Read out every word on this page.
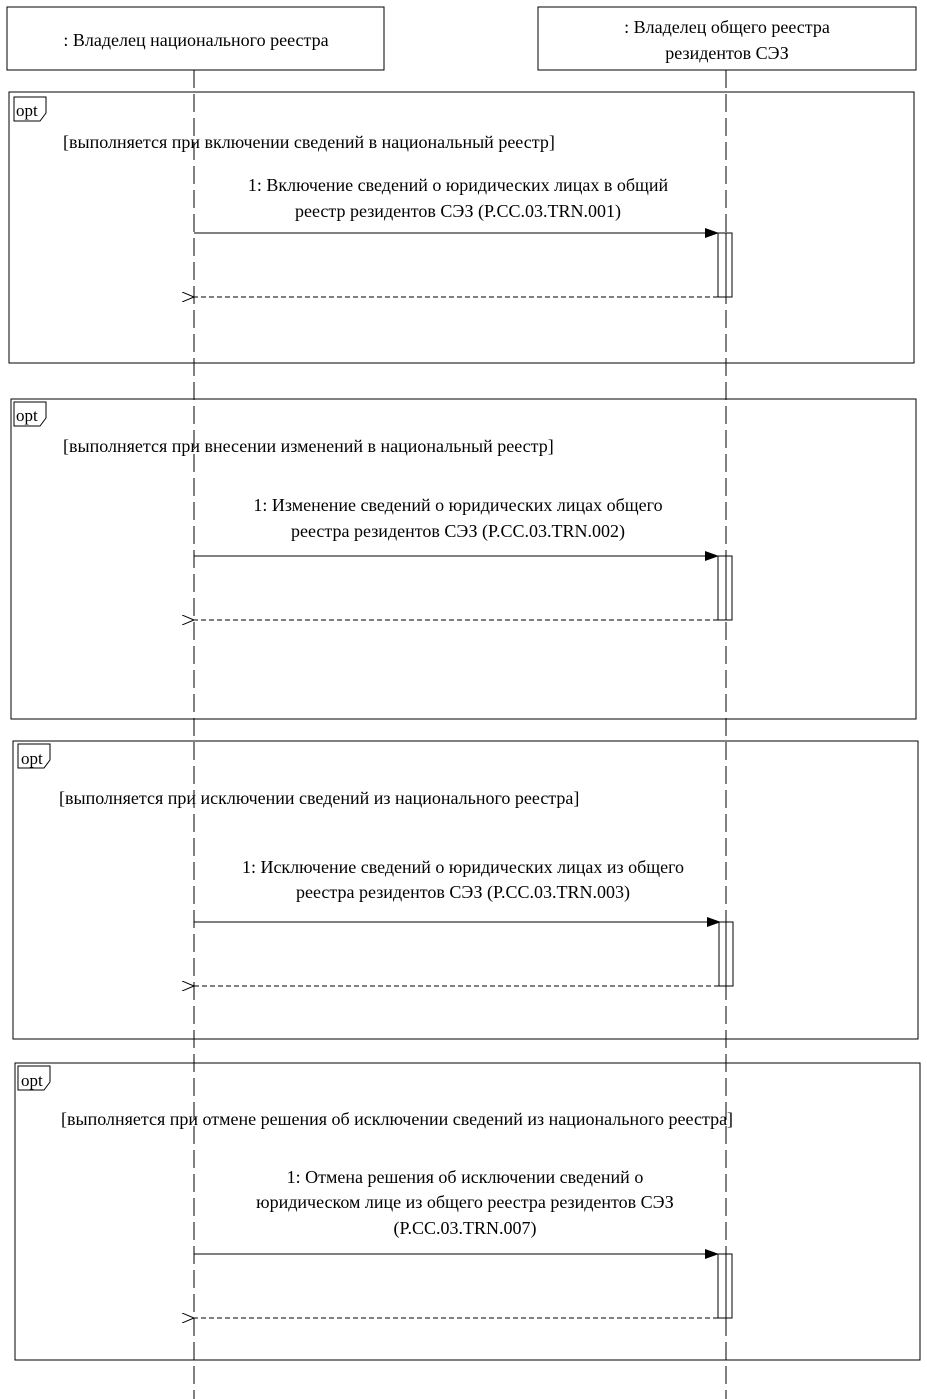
: Владелец национального реестра
: Владелец общего реестра
резидентов СЭЗ
opt
[выполняется при включении сведений в национальный реестр]
1: Включение сведений о юридических лицах в общий
реестр резидентов СЭЗ (P.CC.03.TRN.001)
opt
[выполняется при внесении изменений в национальный реестр]
1: Изменение сведений о юридических лицах общего
реестра резидентов СЭЗ (P.CC.03.TRN.002)
opt
[выполняется при исключении сведений из национального реестра]
1: Исключение сведений о юридических лицах из общего
реестра резидентов СЭЗ (P.CC.03.TRN.003)
opt
[выполняется при отмене решения об исключении сведений из национального реестра]
1: Отмена решения об исключении сведений о
юридическом лице из общего реестра резидентов СЭЗ
(P.CC.03.TRN.007)
